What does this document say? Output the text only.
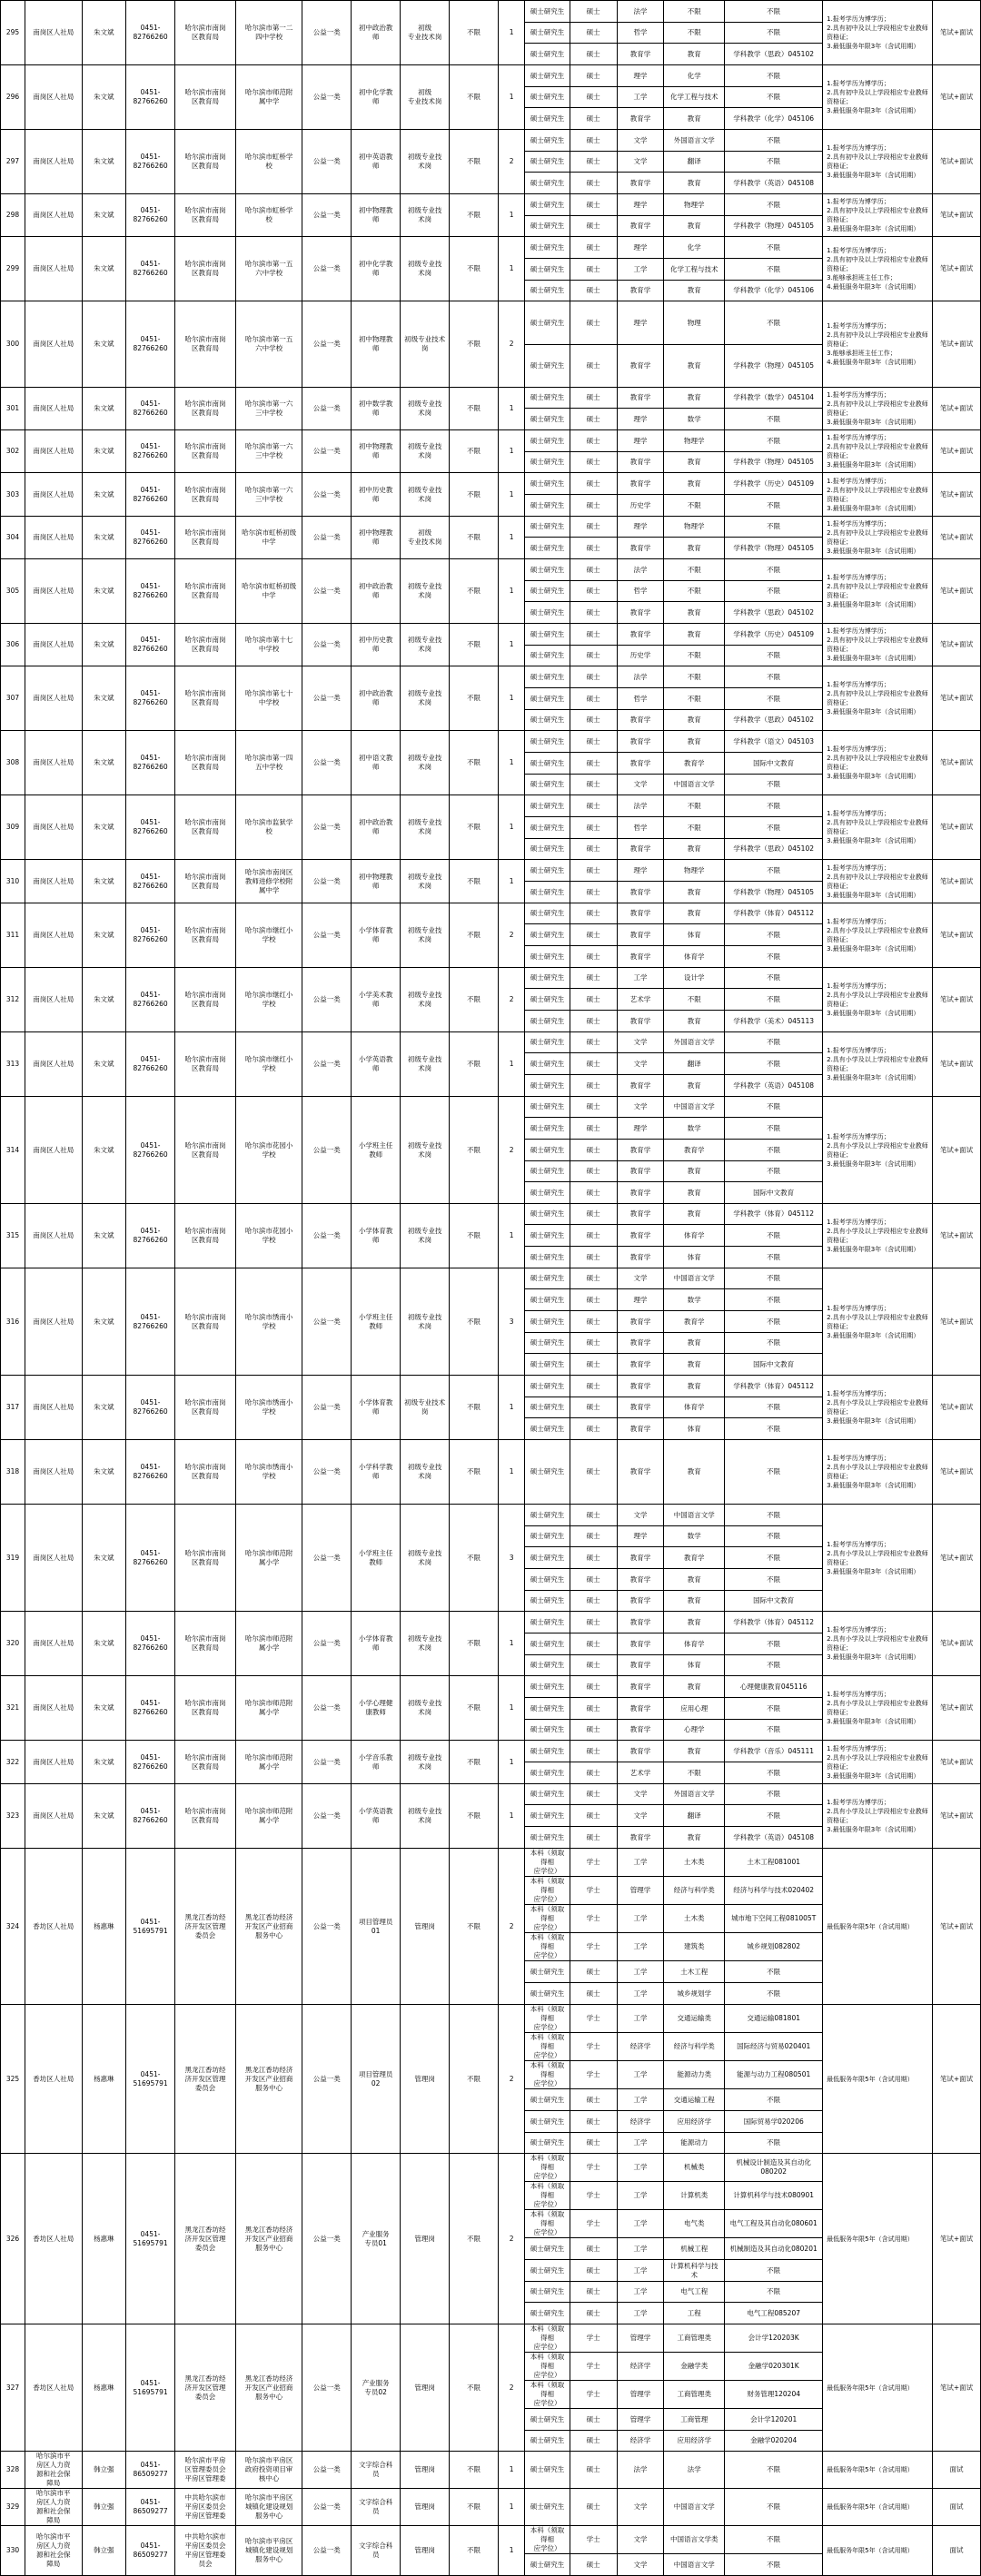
295	南岗区人社局	朱文斌	0451-
82766260	哈尔滨市南岗
区教育局	哈尔滨市第一二
四中学校	公益一类	初中政治教
师	初级
专业技术岗	不限	1	硕士研究生	硕士	法学	不限	不限	1.报考学历为博学历；
2.具有初中及以上学段相应专业教师
资格证；
3.最低服务年限3年（含试用期）	笔试+面试
											硕士研究生	硕士	哲学	不限	不限		
											硕士研究生	硕士	教育学	教育	学科教学（思政）045102		
296	南岗区人社局	朱文斌	0451-
82766260	哈尔滨市南岗
区教育局	哈尔滨市师范附
属中学	公益一类	初中化学教
师	初级
专业技术岗	不限	1	硕士研究生	硕士	理学	化学	不限	1.报考学历为博学历；
2.具有初中及以上学段相应专业教师
资格证；
3.最低服务年限3年（含试用期）	笔试+面试
											硕士研究生	硕士	工学	化学工程与技术	不限		
											硕士研究生	硕士	教育学	教育	学科教学（化学）045106		
297	南岗区人社局	朱文斌	0451-
82766260	哈尔滨市南岗
区教育局	哈尔滨市虹桥学
校	公益一类	初中英语教
师	初级专业技
术岗	不限	2	硕士研究生	硕士	文学	外国语言文学	不限	1.报考学历为博学历；
2.具有初中及以上学段相应专业教师
资格证；
3.最低服务年限3年（含试用期）	笔试+面试
											硕士研究生	硕士	文学	翻译	不限		
											硕士研究生	硕士	教育学	教育	学科教学（英语）045108		
298	南岗区人社局	朱文斌	0451-
82766260	哈尔滨市南岗
区教育局	哈尔滨市虹桥学
校	公益一类	初中物理教
师	初级专业技
术岗	不限	1	硕士研究生	硕士	理学	物理学	不限	1.报考学历为博学历；
2.具有初中及以上学段相应专业教师
资格证；
3.最低服务年限3年（含试用期）	笔试+面试
											硕士研究生	硕士	教育学	教育	学科教学（物理）045105		
299	南岗区人社局	朱文斌	0451-
82766260	哈尔滨市南岗
区教育局	哈尔滨市第一五
六中学校	公益一类	初中化学教
师	初级专业技
术岗	不限	1	硕士研究生	硕士	理学	化学	不限	1.报考学历为博学历；
2.具有初中及以上学段相应专业教师
资格证；
3.能够承担班主任工作；
4.最低服务年限3年（含试用期）	笔试+面试
											硕士研究生	硕士	工学	化学工程与技术	不限		
											硕士研究生	硕士	教育学	教育	学科教学（化学）045106		
300	南岗区人社局	朱文斌	0451-
82766260	哈尔滨市南岗
区教育局	哈尔滨市第一五
六中学校	公益一类	初中物理教
师	初级专业技术岗	不限	2	硕士研究生	硕士	理学	物理	不限	1.报考学历为博学历；
2.具有初中及以上学段相应专业教师
资格证；
3.能够承担班主任工作；
4.最低服务年限3年（含试用期）	笔试+面试
											硕士研究生	硕士	教育学	教育	学科教学（物理）045105		
301	南岗区人社局	朱文斌	0451-
82766260	哈尔滨市南岗
区教育局	哈尔滨市第一六
三中学校	公益一类	初中数学教
师	初级专业技
术岗	不限	1	硕士研究生	硕士	教育学	教育	学科教学（数学）045104	1.报考学历为博学历；
2.具有初中及以上学段相应专业教师
资格证；
3.最低服务年限3年（含试用期）	笔试+面试
											硕士研究生	硕士	理学	数学	不限		
302	南岗区人社局	朱文斌	0451-
82766260	哈尔滨市南岗
区教育局	哈尔滨市第一六
三中学校	公益一类	初中物理教
师	初级专业技
术岗	不限	1	硕士研究生	硕士	理学	物理学	不限	1.报考学历为博学历；
2.具有初中及以上学段相应专业教师
资格证；
3.最低服务年限3年（含试用期）	笔试+面试
											硕士研究生	硕士	教育学	教育	学科教学（物理）045105		
303	南岗区人社局	朱文斌	0451-
82766260	哈尔滨市南岗
区教育局	哈尔滨市第一六
三中学校	公益一类	初中历史教
师	初级专业技
术岗	不限	1	硕士研究生	硕士	教育学	教育	学科教学（历史）045109	1.报考学历为博学历；
2.具有初中及以上学段相应专业教师
资格证；
3.最低服务年限3年（含试用期）	笔试+面试
											硕士研究生	硕士	历史学	不限	不限		
304	南岗区人社局	朱文斌	0451-
82766260	哈尔滨市南岗
区教育局	哈尔滨市虹桥初级
中学	公益一类	初中物理教
师	初级
专业技术岗	不限	1	硕士研究生	硕士	理学	物理学	不限	1.报考学历为博学历；
2.具有初中及以上学段相应专业教师
资格证；
3.最低服务年限3年（含试用期）	笔试+面试
											硕士研究生	硕士	教育学	教育	学科教学（物理）045105		
305	南岗区人社局	朱文斌	0451-
82766260	哈尔滨市南岗
区教育局	哈尔滨市虹桥初级
中学	公益一类	初中政治教
师	初级专业技
术岗	不限	1	硕士研究生	硕士	法学	不限	不限	1.报考学历为博学历；
2.具有初中及以上学段相应专业教师
资格证；
3.最低服务年限3年（含试用期）	笔试+面试
											硕士研究生	硕士	哲学	不限	不限		
											硕士研究生	硕士	教育学	教育	学科教学（思政）045102		
306	南岗区人社局	朱文斌	0451-
82766260	哈尔滨市南岗
区教育局	哈尔滨市第十七
中学校	公益一类	初中历史教
师	初级专业技
术岗	不限	1	硕士研究生	硕士	教育学	教育	学科教学（历史）045109	1.报考学历为博学历；
2.具有初中及以上学段相应专业教师
资格证；
3.最低服务年限3年（含试用期）	笔试+面试
											硕士研究生	硕士	历史学	不限	不限		
307	南岗区人社局	朱文斌	0451-
82766260	哈尔滨市南岗
区教育局	哈尔滨市第七十
中学校	公益一类	初中政治教
师	初级专业技
术岗	不限	1	硕士研究生	硕士	法学	不限	不限	1.报考学历为博学历；
2.具有初中及以上学段相应专业教师
资格证；
3.最低服务年限3年（含试用期）	笔试+面试
											硕士研究生	硕士	哲学	不限	不限		
											硕士研究生	硕士	教育学	教育	学科教学（思政）045102		
308	南岗区人社局	朱文斌	0451-
82766260	哈尔滨市南岗
区教育局	哈尔滨市第一四
五中学校	公益一类	初中语文教
师	初级专业技
术岗	不限	1	硕士研究生	硕士	教育学	教育	学科教学（语文）045103	1.报考学历为博学历；
2.具有初中及以上学段相应专业教师
资格证；
3.最低服务年限3年（含试用期）	笔试+面试
											硕士研究生	硕士	教育学	教育学	国际中文教育		
											硕士研究生	硕士	文学	中国语言文学	不限		
309	南岗区人社局	朱文斌	0451-
82766260	哈尔滨市南岗
区教育局	哈尔滨市监狱学
校	公益一类	初中政治教
师	初级专业技
术岗	不限	1	硕士研究生	硕士	法学	不限	不限	1.报考学历为博学历；
2.具有初中及以上学段相应专业教师
资格证；
3.最低服务年限3年（含试用期）	笔试+面试
											硕士研究生	硕士	哲学	不限	不限		
											硕士研究生	硕士	教育学	教育	学科教学（思政）045102		
310	南岗区人社局	朱文斌	0451-
82766260	哈尔滨市南岗
区教育局	哈尔滨市南岗区
教师进修学校附
属中学	公益一类	初中物理教
师	初级专业技
术岗	不限	1	硕士研究生	硕士	理学	物理学	不限	1.报考学历为博学历；
2.具有初中及以上学段相应专业教师
资格证；
3.最低服务年限3年（含试用期）	笔试+面试
											硕士研究生	硕士	教育学	教育	学科教学（物理）045105		
311	南岗区人社局	朱文斌	0451-
82766260	哈尔滨市南岗
区教育局	哈尔滨市继红小
学校	公益一类	小学体育教
师	初级专业技
术岗	不限	2	硕士研究生	硕士	教育学	教育	学科教学（体育）045112	1.报考学历为博学历；
2.具有小学及以上学段相应专业教师
资格证；
3.最低服务年限3年（含试用期）	笔试+面试
											硕士研究生	硕士	教育学	体育	不限		
											硕士研究生	硕士	教育学	体育学	不限		
312	南岗区人社局	朱文斌	0451-
82766260	哈尔滨市南岗
区教育局	哈尔滨市继红小
学校	公益一类	小学美术教
师	初级专业技
术岗	不限	2	硕士研究生	硕士	工学	设计学	不限	1.报考学历为博学历；
2.具有小学及以上学段相应专业教师
资格证；
3.最低服务年限3年（含试用期）	笔试+面试
											硕士研究生	硕士	艺术学	不限	不限		
											硕士研究生	硕士	教育学	教育	学科教学（美术）045113		
313	南岗区人社局	朱文斌	0451-
82766260	哈尔滨市南岗
区教育局	哈尔滨市继红小
学校	公益一类	小学英语教
师	初级专业技
术岗	不限	1	硕士研究生	硕士	文学	外国语言文学	不限	1.报考学历为博学历；
2.具有小学及以上学段相应专业教师
资格证；
3.最低服务年限3年（含试用期）	笔试+面试
											硕士研究生	硕士	文学	翻译	不限		
											硕士研究生	硕士	教育学	教育	学科教学（英语）045108		
314	南岗区人社局	朱文斌	0451-
82766260	哈尔滨市南岗
区教育局	哈尔滨市花园小
学校	公益一类	小学班主任
教师	初级专业技
术岗	不限	2	硕士研究生	硕士	文学	中国语言文学	不限	1.报考学历为博学历；
2.具有小学及以上学段相应专业教师
资格证；
3.最低服务年限3年（含试用期）	笔试+面试
											硕士研究生	硕士	理学	数学	不限		
											硕士研究生	硕士	教育学	教育学	不限		
											硕士研究生	硕士	教育学	教育	不限		
											硕士研究生	硕士	教育学	教育	国际中文教育		
315	南岗区人社局	朱文斌	0451-
82766260	哈尔滨市南岗
区教育局	哈尔滨市花园小
学校	公益一类	小学体育教
师	初级专业技
术岗	不限	1	硕士研究生	硕士	教育学	教育	学科教学（体育）045112	1.报考学历为博学历；
2.具有小学及以上学段相应专业教师
资格证；
3.最低服务年限3年（含试用期）	笔试+面试
											硕士研究生	硕士	教育学	体育学	不限		
											硕士研究生	硕士	教育学	体育	不限		
316	南岗区人社局	朱文斌	0451-
82766260	哈尔滨市南岗
区教育局	哈尔滨市绣南小
学校	公益一类	小学班主任
教师	初级专业技
术岗	不限	3	硕士研究生	硕士	文学	中国语言文学	不限	1.报考学历为博学历；
2.具有小学及以上学段相应专业教师
资格证；
3.最低服务年限3年（含试用期）	笔试+面试
											硕士研究生	硕士	理学	数学	不限		
											硕士研究生	硕士	教育学	教育学	不限		
											硕士研究生	硕士	教育学	教育	不限		
											硕士研究生	硕士	教育学	教育	国际中文教育		
317	南岗区人社局	朱文斌	0451-
82766260	哈尔滨市南岗
区教育局	哈尔滨市绣南小
学校	公益一类	小学体育教
师	初级专业技术
岗	不限	1	硕士研究生	硕士	教育学	教育	学科教学（体育）045112	1.报考学历为博学历；
2.具有小学及以上学段相应专业教师
资格证；
3.最低服务年限3年（含试用期）	笔试+面试
											硕士研究生	硕士	教育学	体育学	不限		
											硕士研究生	硕士	教育学	体育	不限		
318	南岗区人社局	朱文斌	0451-
82766260	哈尔滨市南岗
区教育局	哈尔滨市绣南小
学校	公益一类	小学科学教
师	初级专业技
术岗	不限	1	硕士研究生	硕士	教育学	教育	不限	1.报考学历为博学历；
2.具有小学及以上学段相应专业教师
资格证；
3.最低服务年限3年（含试用期）	笔试+面试
319	南岗区人社局	朱文斌	0451-
82766260	哈尔滨市南岗
区教育局	哈尔滨市师范附
属小学	公益一类	小学班主任
教师	初级专业技
术岗	不限	3	硕士研究生	硕士	文学	中国语言文学	不限	1.报考学历为博学历；
2.具有小学及以上学段相应专业教师
资格证；
3.最低服务年限3年（含试用期）	笔试+面试
											硕士研究生	硕士	理学	数学	不限		
											硕士研究生	硕士	教育学	教育学	不限		
											硕士研究生	硕士	教育学	教育	不限		
											硕士研究生	硕士	教育学	教育	国际中文教育		
320	南岗区人社局	朱文斌	0451-
82766260	哈尔滨市南岗
区教育局	哈尔滨市师范附
属小学	公益一类	小学体育教
师	初级专业技
术岗	不限	1	硕士研究生	硕士	教育学	教育	学科教学（体育）045112	1.报考学历为博学历；
2.具有小学及以上学段相应专业教师
资格证；
3.最低服务年限3年（含试用期）	笔试+面试
											硕士研究生	硕士	教育学	体育学	不限		
											硕士研究生	硕士	教育学	体育	不限		
321	南岗区人社局	朱文斌	0451-
82766260	哈尔滨市南岗
区教育局	哈尔滨市师范附
属小学	公益一类	小学心理健
康教师	初级专业技
术岗	不限	1	硕士研究生	硕士	教育学	教育	心理健康教育045116	1.报考学历为博学历；
2.具有小学及以上学段相应专业教师
资格证；
3.最低服务年限3年（含试用期）	笔试+面试
											硕士研究生	硕士	教育学	应用心理	不限		
											硕士研究生	硕士	教育学	心理学	不限		
322	南岗区人社局	朱文斌	0451-
82766260	哈尔滨市南岗
区教育局	哈尔滨市师范附
属小学	公益一类	小学音乐教
师	初级专业技
术岗	不限	1	硕士研究生	硕士	教育学	教育	学科教学（音乐）045111	1.报考学历为博学历；
2.具有小学及以上学段相应专业教师
资格证；
3.最低服务年限3年（含试用期）	笔试+面试
											硕士研究生	硕士	艺术学	不限	不限		
323	南岗区人社局	朱文斌	0451-
82766260	哈尔滨市南岗
区教育局	哈尔滨市师范附
属小学	公益一类	小学英语教
师	初级专业技
术岗	不限	1	硕士研究生	硕士	文学	外国语言文学	不限	1.报考学历为博学历；
2.具有小学及以上学段相应专业教师
资格证；
3.最低服务年限3年（含试用期）	笔试+面试
											硕士研究生	硕士	文学	翻译	不限		
											硕士研究生	硕士	教育学	教育	学科教学（英语）045108		
324	香坊区人社局	杨惠琳	0451-
51695791	黑龙江香坊经
济开发区管理
委员会	黑龙江香坊经济
开发区产业招商
服务中心	公益一类	项目管理员
01	管理岗	不限	2	本科（须取得相
应学位）	学士	工学	土木类	土木工程081001	最低服务年限5年（含试用期）	笔试+面试
											本科（须取得相
应学位）	学士	管理学	经济与科学类	经济与科学与技术020402		
											本科（须取得相
应学位）	学士	工学	土木类	城市地下空间工程081005T		
											本科（须取得相
应学位）	学士	工学	建筑类	城乡规划082802		
											硕士研究生	硕士	工学	土木工程	不限		
											硕士研究生	硕士	工学	城乡规划学	不限		
325	香坊区人社局	杨惠琳	0451-
51695791	黑龙江香坊经
济开发区管理
委员会	黑龙江香坊经济
开发区产业招商
服务中心	公益一类	项目管理员
02	管理岗	不限	2	本科（须取得相
应学位）	学士	工学	交通运输类	交通运输081801	最低服务年限5年（含试用期）	笔试+面试
											本科（须取得相
应学位）	学士	经济学	经济与科学类	国际经济与贸易020401		
											本科（须取得相
应学位）	学士	工学	能源动力类	能源与动力工程080501		
											硕士研究生	硕士	工学	交通运输工程	不限		
											硕士研究生	硕士	经济学	应用经济学	国际贸易学020206		
											硕士研究生	硕士	工学	能源动力	不限		
326	香坊区人社局	杨惠琳	0451-
51695791	黑龙江香坊经
济开发区管理
委员会	黑龙江香坊经济
开发区产业招商
服务中心	公益一类	产业服务
专员01	管理岗	不限	2	本科（须取得相
应学位）	学士	工学	机械类	机械设计制造及其自动化
080202	最低服务年限5年（含试用期）	笔试+面试
											本科（须取得相
应学位）	学士	工学	计算机类	计算机科学与技术080901		
											本科（须取得相
应学位）	学士	工学	电气类	电气工程及其自动化080601		
											硕士研究生	硕士	工学	机械工程	机械制造及其自动化080201		
											硕士研究生	硕士	工学	计算机科学与技
术	不限		
											硕士研究生	硕士	工学	电气工程	不限		
											硕士研究生	硕士	工学	工程	电气工程085207		
327	香坊区人社局	杨惠琳	0451-
51695791	黑龙江香坊经
济开发区管理
委员会	黑龙江香坊经济
开发区产业招商
服务中心	公益一类	产业服务
专员02	管理岗	不限	2	本科（须取得相
应学位）	学士	管理学	工商管理类	会计学120203K	最低服务年限5年（含试用期）	笔试+面试
											本科（须取得相
应学位）	学士	经济学	金融学类	金融学020301K		
											本科（须取得相
应学位）	学士	管理学	工商管理类	财务管理120204		
											硕士研究生	硕士	管理学	工商管理	会计学120201		
											硕士研究生	硕士	经济学	应用经济学	金融学020204		
328	哈尔滨市平
房区人力资
源和社会保
障局	韩立强	0451-
86509277	哈尔滨市平房
区管理委员会
平房区管理委	哈尔滨市平房区
政府投资项目审
核中心	公益一类	文字综合科
员	管理岗	不限	1	硕士研究生	硕士	法学	法学	不限	最低服务年限5年（含试用期）	面试
329	哈尔滨市平
房区人力资
源和社会保
障局	韩立强	0451-
86509277	中共哈尔滨市
平房区委员会
平房区管理委	哈尔滨市平房区
城镇化建设规划
服务中心	公益一类	文字综合科
员	管理岗	不限	1	硕士研究生	硕士	文学	中国语言文学	不限	最低服务年限5年（含试用期）	面试
330	哈尔滨市平
房区人力资
源和社会保
障局	韩立强	0451-
86509277	中共哈尔滨市
平房区委员会
平房区管理委
员会	哈尔滨市平房区
城镇化建设规划
服务中心	公益一类	文字综合科
员	管理岗	不限	1	本科（须取得相
应学位）	学士	文学	中国语言文学类	不限	最低服务年限5年（含试用期）	面试
											硕士研究生	硕士	文学	中国语言文学	不限		
